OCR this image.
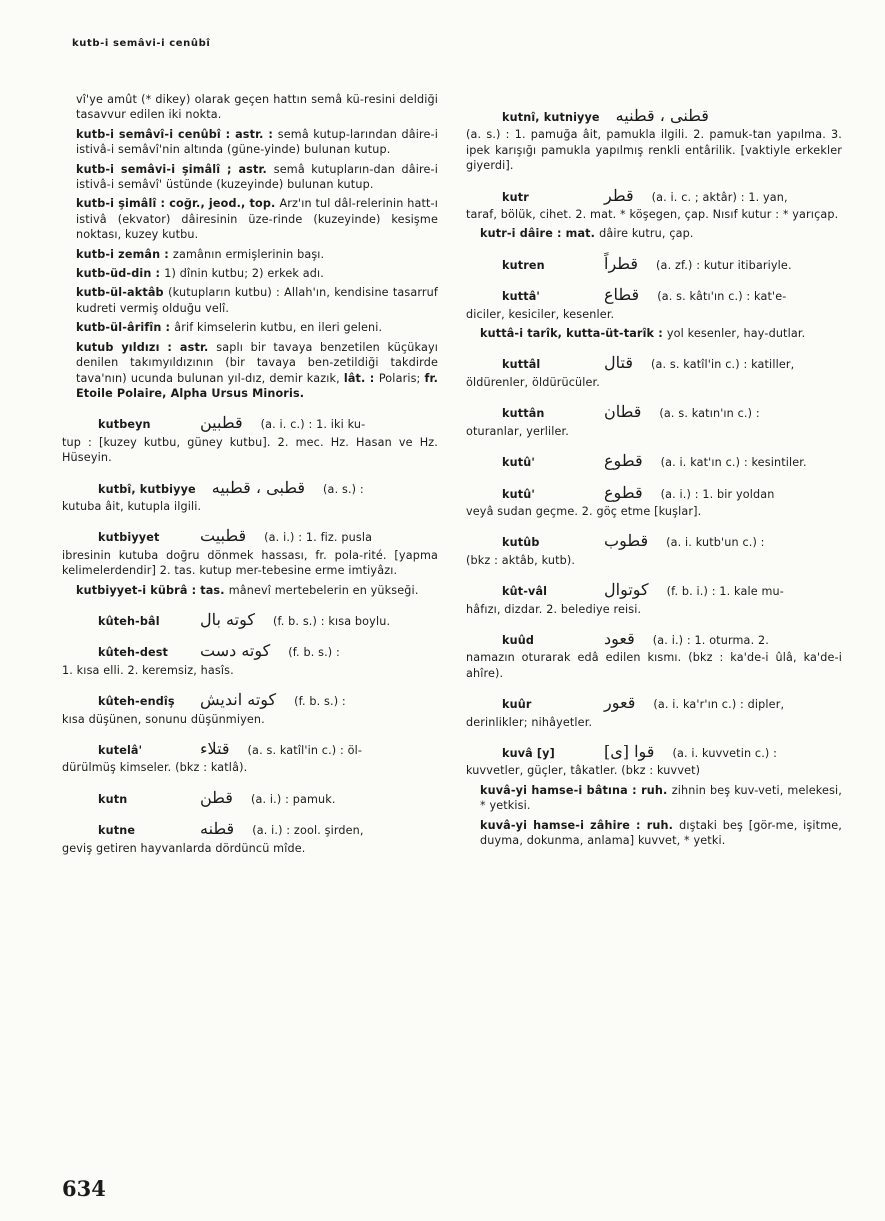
kutb-i semâvi-i cenûbî
vî'ye amût (* dikey) olarak geçen hattın semâ kü-resini deldiği tasavvur edilen iki nokta.
kutb-i semâvî-i cenûbî : astr. : semâ kutup-larından dâire-i istivâ-i semâvî'nin altında (güne-yinde) bulunan kutup.
kutb-i semâvi-i şimâlî ; astr. semâ kutupların-dan dâire-i istivâ-i semâvî' üstünde (kuzeyinde) bulunan kutup.
kutb-i şimâlî : coğr., jeod., top. Arz'ın tul dâl-relerinin hatt-ı istivâ (ekvator) dâiresinin üze-rinde (kuzeyinde) kesişme noktası, kuzey kutbu.
kutb-i zemân : zamânın ermişlerinin başı.
kutb-üd-din : 1) dînin kutbu; 2) erkek adı.
kutb-ül-aktâb (kutupların kutbu) : Allah'ın, kendisine tasarruf kudreti vermiş olduğu velî.
kutb-ül-ârifîn : ârif kimselerin kutbu, en ileri geleni.
kutub yıldızı : astr. saplı bir tavaya benzetilen küçükayı denilen takımyıldızının (bir tavaya ben-zetildiği takdirde tava'nın) ucunda bulunan yıl-dız, demir kazık, lât. : Polaris; fr. Etoile Polaire, Alpha Ursus Minoris.
kutbeyn	قطبين (a. i. c.) : 1. iki ku-
tup : [kuzey kutbu, güney kutbu]. 2. mec. Hz. Hasan ve Hz. Hüseyin.
kutbî, kutbiyye قطبى ، قطبيه (a. s.) :
kutuba âit, kutupla ilgili.
kutbiyyet	قطبيت (a. i.) : 1. fiz. pusla
ibresinin kutuba doğru dönmek hassası, fr. pola-rité. [yapma kelimelerdendir] 2. tas. kutup mer-tebesine erme imtiyâzı.
kutbiyyet-i kübrâ : tas. mânevî mertebelerin en yükseği.
kûteh-bâl	كوته بال (f. b. s.) : kısa boylu.
kûteh-dest	كوته دست (f. b. s.) :
1. kısa elli. 2. keremsiz, hasîs.
kûteh-endîş	كوته انديش (f. b. s.) :
kısa düşünen, sonunu düşünmiyen.
kutelâ'	قتلاء (a. s. katîl'in c.) : öl-
dürülmüş kimseler. (bkz : katlâ).
kutn	قطن (a. i.) : pamuk.
kutne	قطنه (a. i.) : zool. şirden,
geviş getiren hayvanlarda dördüncü mîde.
kutnî, kutniyye قطنى ، قطنيه
(a. s.) : 1. pamuğa âit, pamukla ilgili. 2. pamuk-tan yapılma. 3. ipek karışığı pamukla yapılmış renkli entârilik. [vaktiyle erkekler giyerdi].
kutr	قطر (a. i. c. ; aktâr) : 1. yan,
taraf, bölük, cihet. 2. mat. * köşegen, çap. Nısıf kutur : * yarıçap.
kutr-i dâire : mat. dâire kutru, çap.
kutren	قطراً (a. zf.) : kutur itibariyle.
kuttâ'	قطاع (a. s. kâtı'ın c.) : kat'e-
diciler, kesiciler, kesenler.
kuttâ-i tarîk, kutta-üt-tarîk : yol kesenler, hay-dutlar.
kuttâl	قتال (a. s. katîl'in c.) : katiller,
öldürenler, öldürücüler.
kuttân	قطان (a. s. katın'ın c.) :
oturanlar, yerliler.
kutû'	قطوع (a. i. kat'ın c.) : kesintiler.
kutû'	قطوع (a. i.) : 1. bir yoldan
veyâ sudan geçme. 2. göç etme [kuşlar].
kutûb	قطوب (a. i. kutb'un c.) :
(bkz : aktâb, kutb).
kût-vâl	كوتوال (f. b. i.) : 1. kale mu-
hâfızı, dizdar. 2. belediye reisi.
kuûd	قعود (a. i.) : 1. oturma. 2.
namazın oturarak edâ edilen kısmı. (bkz : ka'de-i ûlâ, ka'de-i ahîre).
kuûr	قعور (a. i. ka'r'ın c.) : dipler,
derinlikler; nihâyetler.
kuvâ [y]	قوا [ى] (a. i. kuvvetin c.) :
kuvvetler, güçler, tâkatler. (bkz : kuvvet)
kuvâ-yi hamse-i bâtına : ruh. zihnin beş kuv-veti, melekesi, * yetkisi.
kuvâ-yi hamse-i zâhire : ruh. dıştaki beş [gör-me, işitme, duyma, dokunma, anlama] kuvvet, * yetki.
634
